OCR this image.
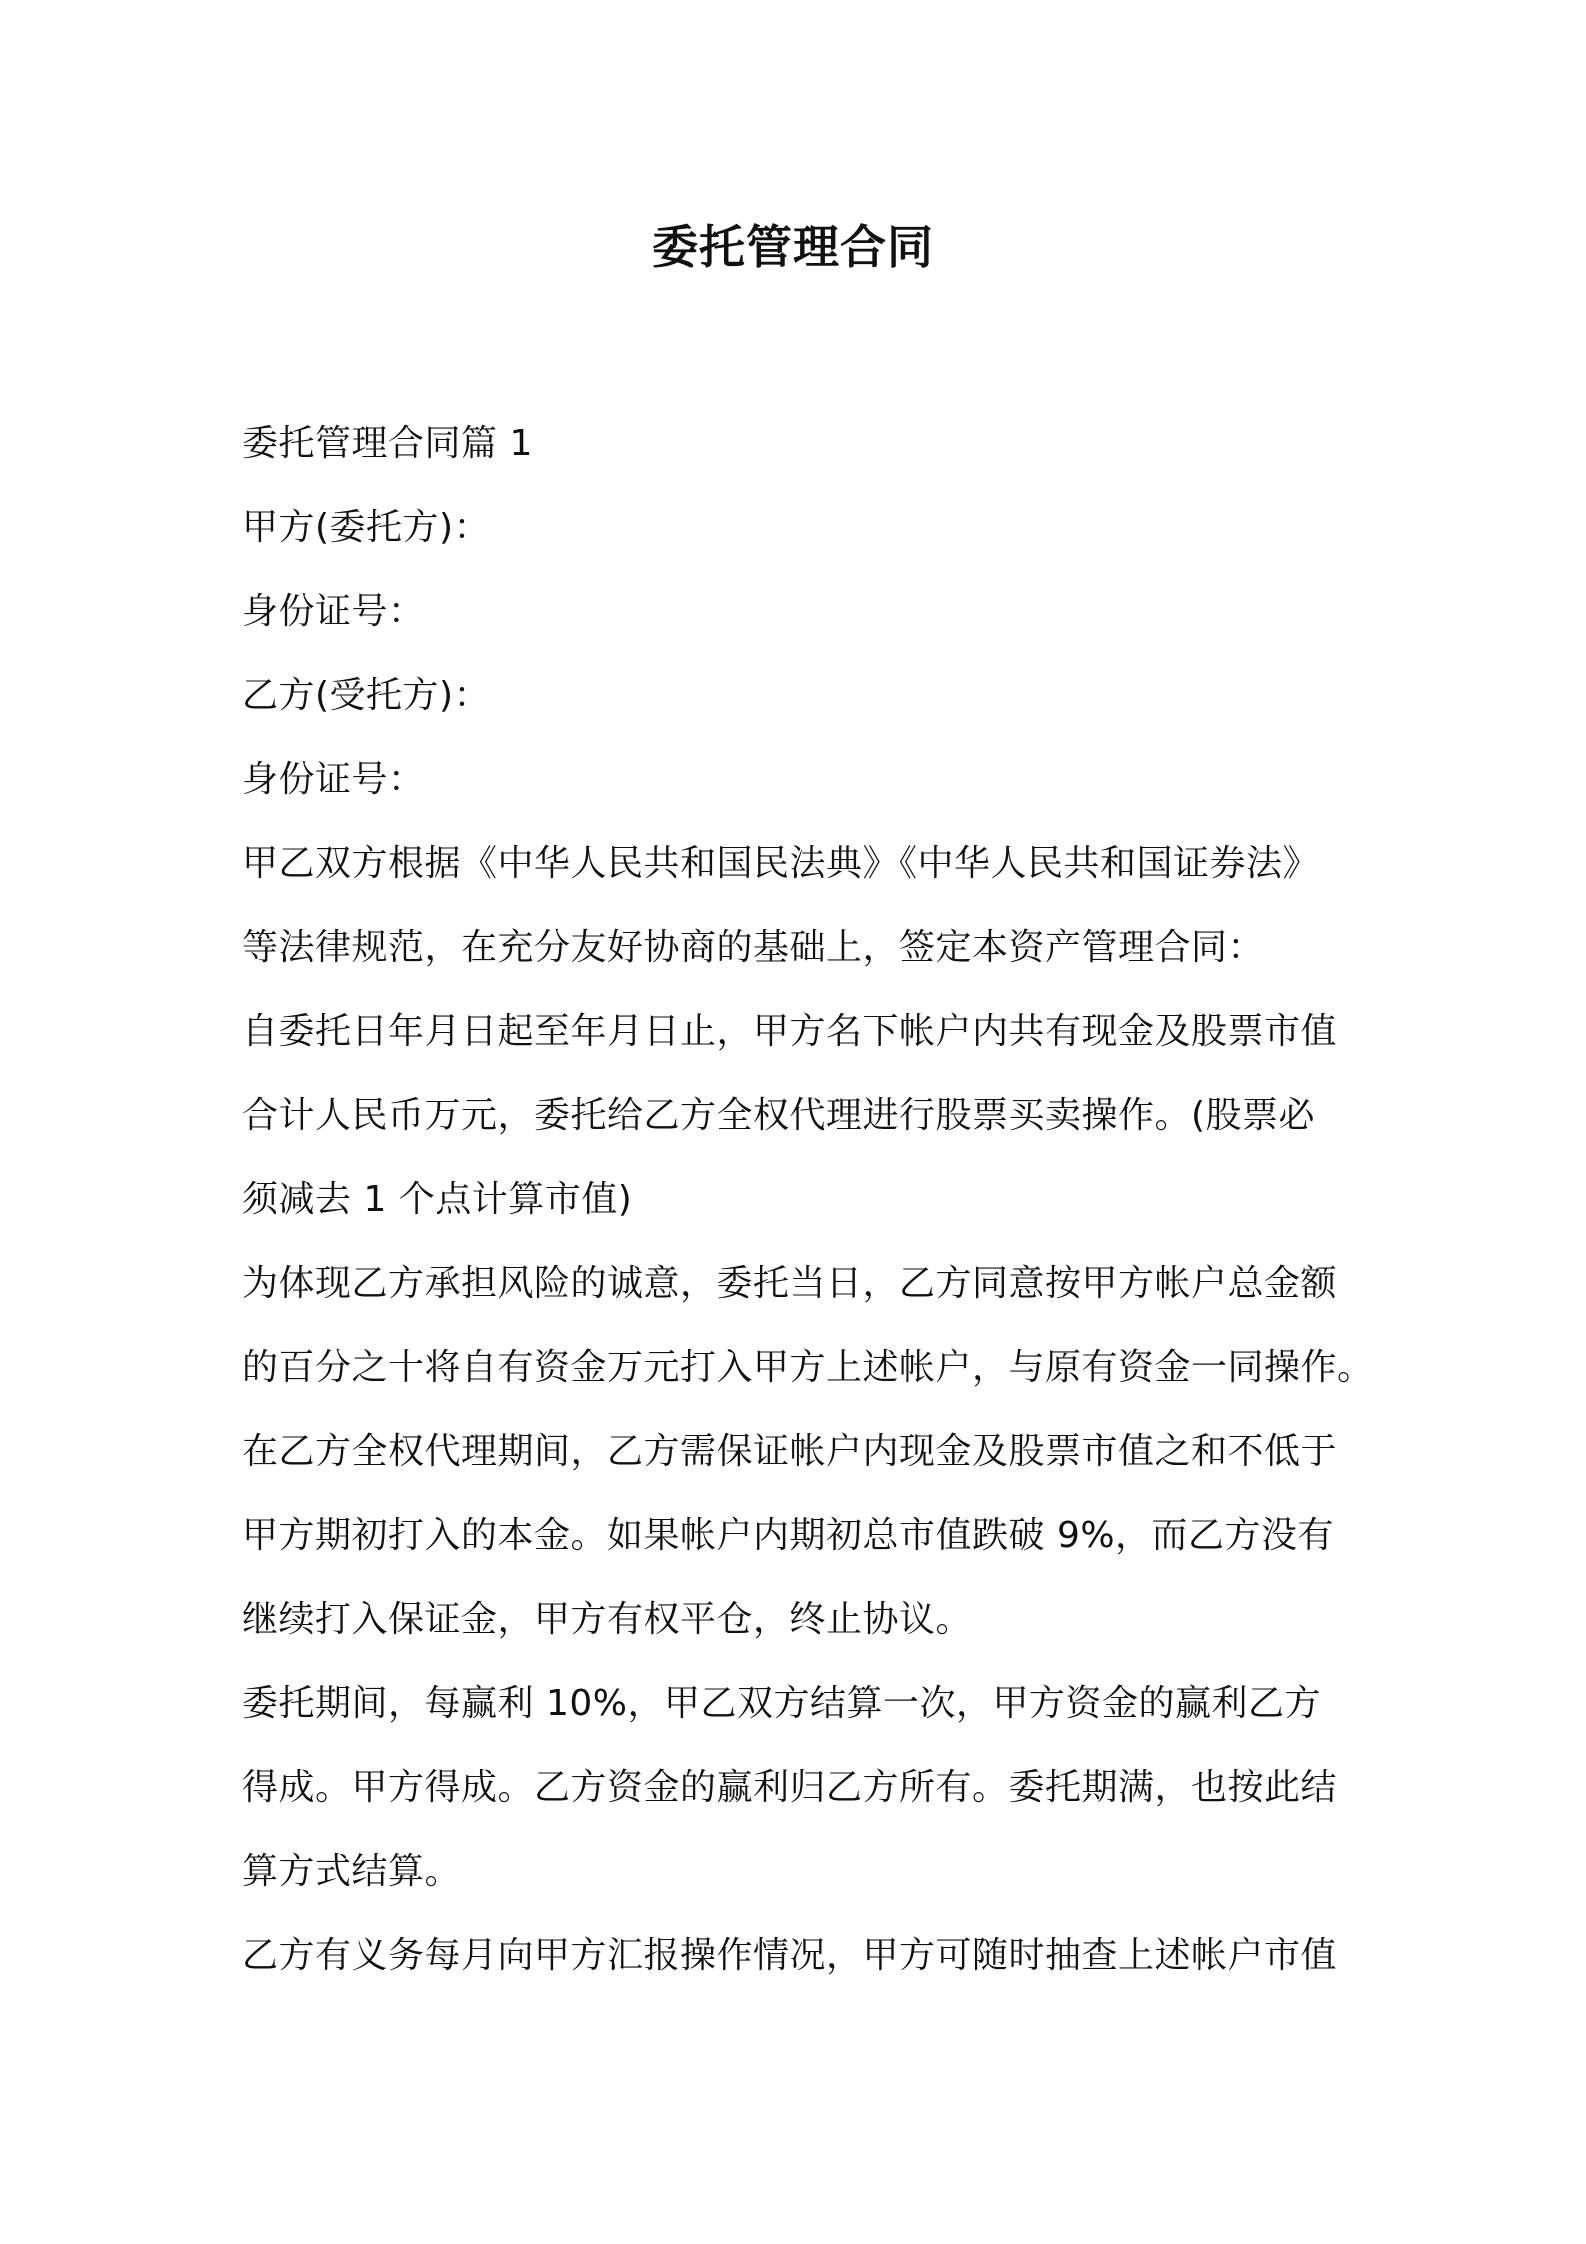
委托管理合同
委托管理合同篇 1
甲方(委托方)：
身份证号：
乙方(受托方)：
身份证号：
甲乙双方根据《中华人民共和国民法典》《中华人民共和国证券法》
等法律规范，在充分友好协商的基础上，签定本资产管理合同：
自委托日年月日起至年月日止，甲方名下帐户内共有现金及股票市值
合计人民币万元，委托给乙方全权代理进行股票买卖操作。(股票必
须减去 1 个点计算市值)
为体现乙方承担风险的诚意，委托当日，乙方同意按甲方帐户总金额
的百分之十将自有资金万元打入甲方上述帐户，与原有资金一同操作。
在乙方全权代理期间，乙方需保证帐户内现金及股票市值之和不低于
甲方期初打入的本金。如果帐户内期初总市值跌破 9%，而乙方没有
继续打入保证金，甲方有权平仓，终止协议。
委托期间，每赢利 10%，甲乙双方结算一次，甲方资金的赢利乙方
得成。甲方得成。乙方资金的赢利归乙方所有。委托期满，也按此结
算方式结算。
乙方有义务每月向甲方汇报操作情况，甲方可随时抽查上述帐户市值
